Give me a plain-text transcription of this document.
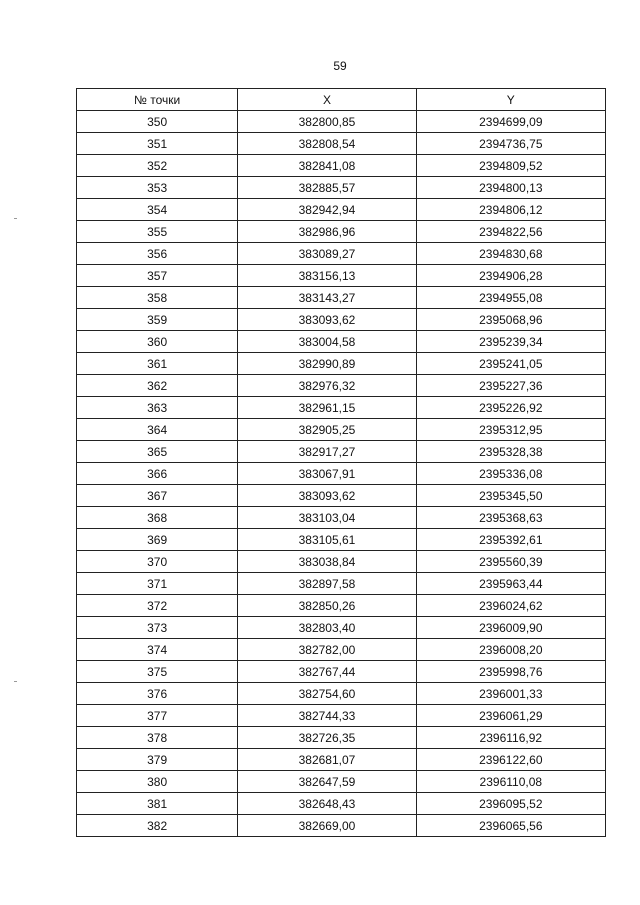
59
№ точки	X	Y
350	382800,85	2394699,09
351	382808,54	2394736,75
352	382841,08	2394809,52
353	382885,57	2394800,13
354	382942,94	2394806,12
355	382986,96	2394822,56
356	383089,27	2394830,68
357	383156,13	2394906,28
358	383143,27	2394955,08
359	383093,62	2395068,96
360	383004,58	2395239,34
361	382990,89	2395241,05
362	382976,32	2395227,36
363	382961,15	2395226,92
364	382905,25	2395312,95
365	382917,27	2395328,38
366	383067,91	2395336,08
367	383093,62	2395345,50
368	383103,04	2395368,63
369	383105,61	2395392,61
370	383038,84	2395560,39
371	382897,58	2395963,44
372	382850,26	2396024,62
373	382803,40	2396009,90
374	382782,00	2396008,20
375	382767,44	2395998,76
376	382754,60	2396001,33
377	382744,33	2396061,29
378	382726,35	2396116,92
379	382681,07	2396122,60
380	382647,59	2396110,08
381	382648,43	2396095,52
382	382669,00	2396065,56
